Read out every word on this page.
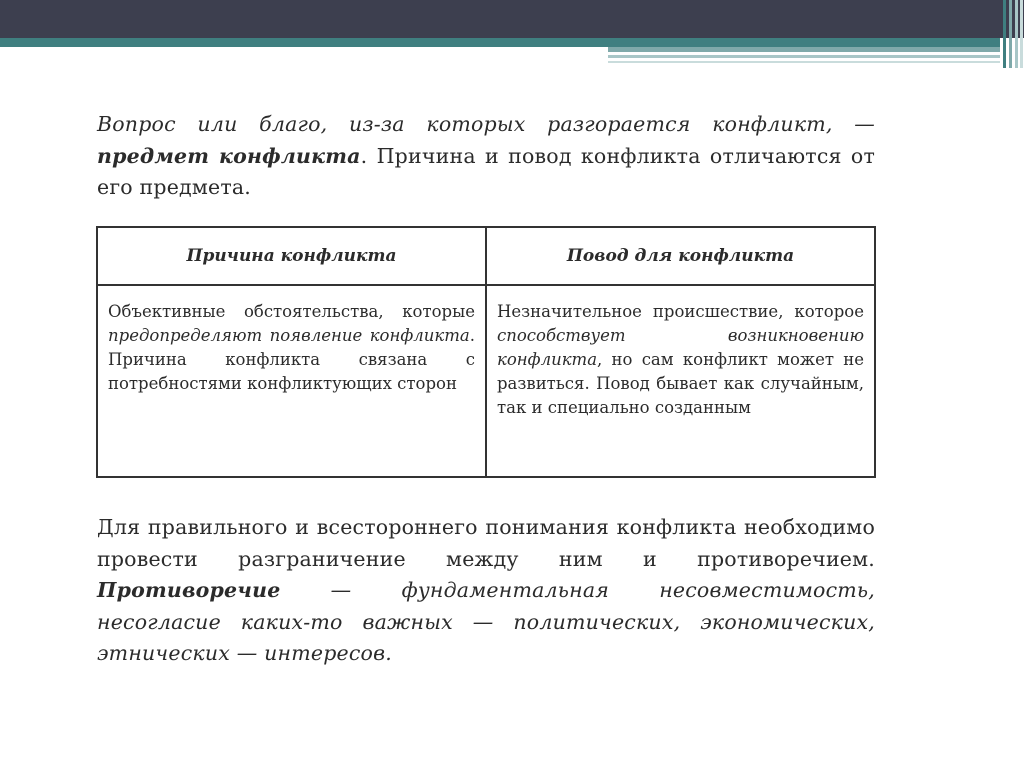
Вопрос или благо, из-за которых разгорается конфликт, — предмет конфликта. Причина и повод конфликта отличаются от его предмета.

Причина конфликта	Повод для конфликта
Объективные обстоятельства, которые предопределяют появление конфликта. Причина конфликта связана с потребностями конфликтующих сторон	Незначительное происшествие, которое способствует возникновению конфликта, но сам конфликт может не развиться. Повод бывает как случайным, так и специально созданным

Для правильного и всестороннего понимания конфликта необходимо провести разграничение между ним и противоречием. Противоречие — фундаментальная несовместимость, несогласие каких-то важных — политических, экономических, этнических — интересов.
